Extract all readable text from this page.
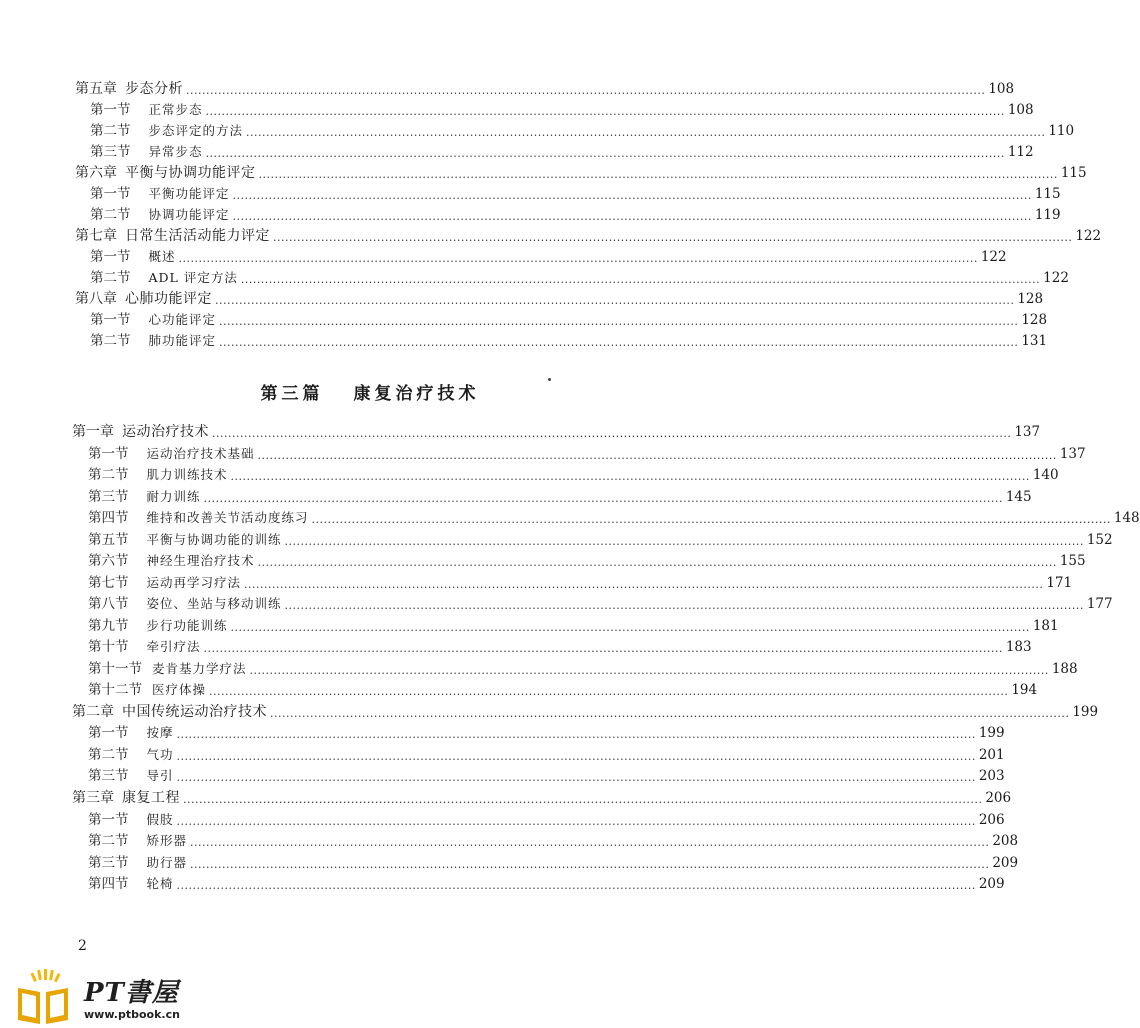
第五章 步态分析 ........................................................................................................................................................................................................ 108
第一节 正常步态 ........................................................................................................................................................................................................ 108
第二节 步态评定的方法 ........................................................................................................................................................................................................ 110
第三节 异常步态 ........................................................................................................................................................................................................ 112
第六章 平衡与协调功能评定 ........................................................................................................................................................................................................ 115
第一节 平衡功能评定 ........................................................................................................................................................................................................ 115
第二节 协调功能评定 ........................................................................................................................................................................................................ 119
第七章 日常生活活动能力评定 ........................................................................................................................................................................................................ 122
第一节 概述 ........................................................................................................................................................................................................ 122
第二节 ADL 评定方法 ........................................................................................................................................................................................................ 122
第八章 心肺功能评定 ........................................................................................................................................................................................................ 128
第一节 心功能评定 ........................................................................................................................................................................................................ 128
第二节 肺功能评定 ........................................................................................................................................................................................................ 131
第三篇 康复治疗技术
第一章 运动治疗技术 ........................................................................................................................................................................................................ 137
第一节 运动治疗技术基础 ........................................................................................................................................................................................................ 137
第二节 肌力训练技术 ........................................................................................................................................................................................................ 140
第三节 耐力训练 ........................................................................................................................................................................................................ 145
第四节 维持和改善关节活动度练习 ........................................................................................................................................................................................................ 148
第五节 平衡与协调功能的训练 ........................................................................................................................................................................................................ 152
第六节 神经生理治疗技术 ........................................................................................................................................................................................................ 155
第七节 运动再学习疗法 ........................................................................................................................................................................................................ 171
第八节 姿位、坐站与移动训练 ........................................................................................................................................................................................................ 177
第九节 步行功能训练 ........................................................................................................................................................................................................ 181
第十节 牵引疗法 ........................................................................................................................................................................................................ 183
第十一节 麦肯基力学疗法 ........................................................................................................................................................................................................ 188
第十二节 医疗体操 ........................................................................................................................................................................................................ 194
第二章 中国传统运动治疗技术 ........................................................................................................................................................................................................ 199
第一节 按摩 ........................................................................................................................................................................................................ 199
第二节 气功 ........................................................................................................................................................................................................ 201
第三节 导引 ........................................................................................................................................................................................................ 203
第三章 康复工程 ........................................................................................................................................................................................................ 206
第一节 假肢 ........................................................................................................................................................................................................ 206
第二节 矫形器 ........................................................................................................................................................................................................ 208
第三节 助行器 ........................................................................................................................................................................................................ 209
第四节 轮椅 ........................................................................................................................................................................................................ 209
2
PT書屋
www.ptbook.cn
